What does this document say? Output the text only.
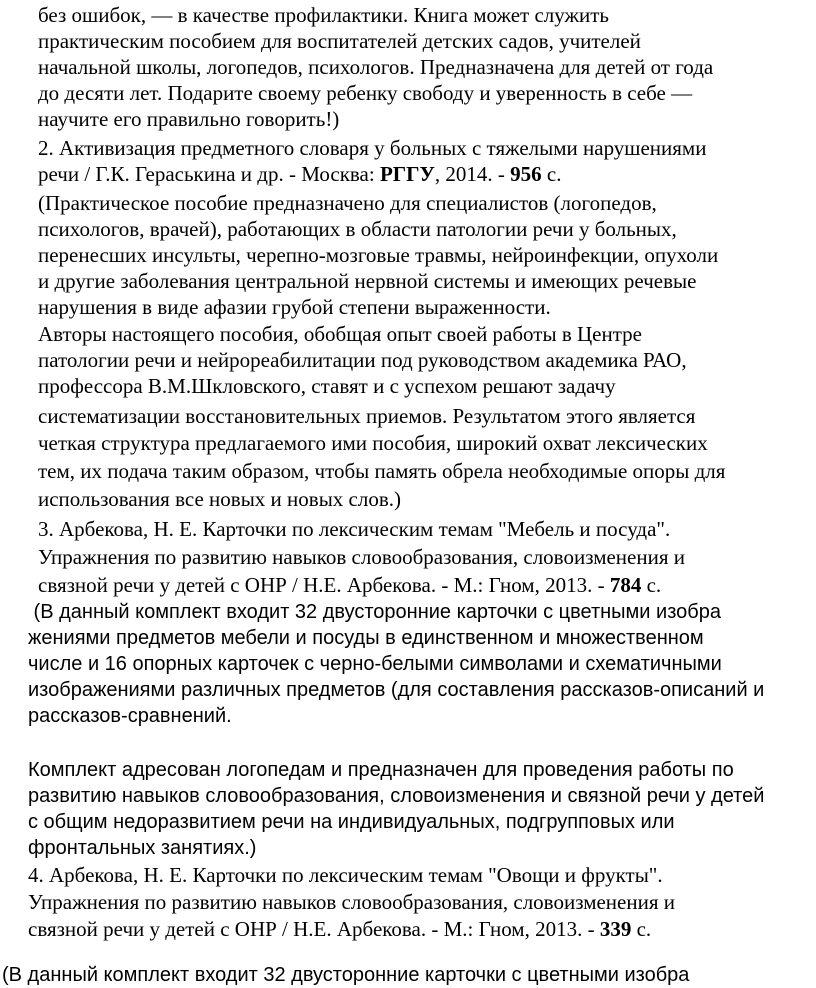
без ошибок, — в качестве профилактики. Книга может служить
практическим пособием для воспитателей детских садов, учителей
начальной школы, логопедов, психологов. Предназначена для детей от года
до десяти лет. Подарите своему ребенку свободу и уверенность в себе —
научите его правильно говорить!)
2. Активизация предметного словаря у больных с тяжелыми нарушениями
речи / Г.К. Гераськина и др. - Москва: РГГУ, 2014. - 956 с.
(Практическое пособие предназначено для специалистов (логопедов,
психологов, врачей), работающих в области патологии речи у больных,
перенесших инсульты, черепно-мозговые травмы, нейроинфекции, опухоли
и другие заболевания центральной нервной системы и имеющих речевые
нарушения в виде афазии грубой степени выраженности.
Авторы настоящего пособия, обобщая опыт своей работы в Центре
патологии речи и нейрореабилитации под руководством академика РАО,
профессора В.М.Шкловского, ставят и с успехом решают задачу
систематизации восстановительных приемов. Результатом этого является
четкая структура предлагаемого ими пособия, широкий охват лексических
тем, их подача таким образом, чтобы память обрела необходимые опоры для
использования все новых и новых слов.)
3. Арбекова, Н. Е. Карточки по лексическим темам "Мебель и посуда".
Упражнения по развитию навыков словообразования, словоизменения и
связной речи у детей с ОНР / Н.Е. Арбекова. - М.: Гном, 2013. - 784 с.
(В данный комплект входит 32 двусторонние карточки с цветными изобра
жениями предметов мебели и посуды в единственном и множественном
числе и 16 опорных карточек с черно-белыми символами и схематичными
изображениями различных предметов (для составления рассказов-описаний и
рассказов-сравнений.
Комплект адресован логопедам и предназначен для проведения работы по
развитию навыков словообразования, словоизменения и связной речи у детей
с общим недоразвитием речи на индивидуальных, подгрупповых или
фронтальных занятиях.)
4. Арбекова, Н. Е. Карточки по лексическим темам "Овощи и фрукты".
Упражнения по развитию навыков словообразования, словоизменения и
связной речи у детей с ОНР / Н.Е. Арбекова. - М.: Гном, 2013. - 339 с.
(В данный комплект входит 32 двусторонние карточки с цветными изобра
